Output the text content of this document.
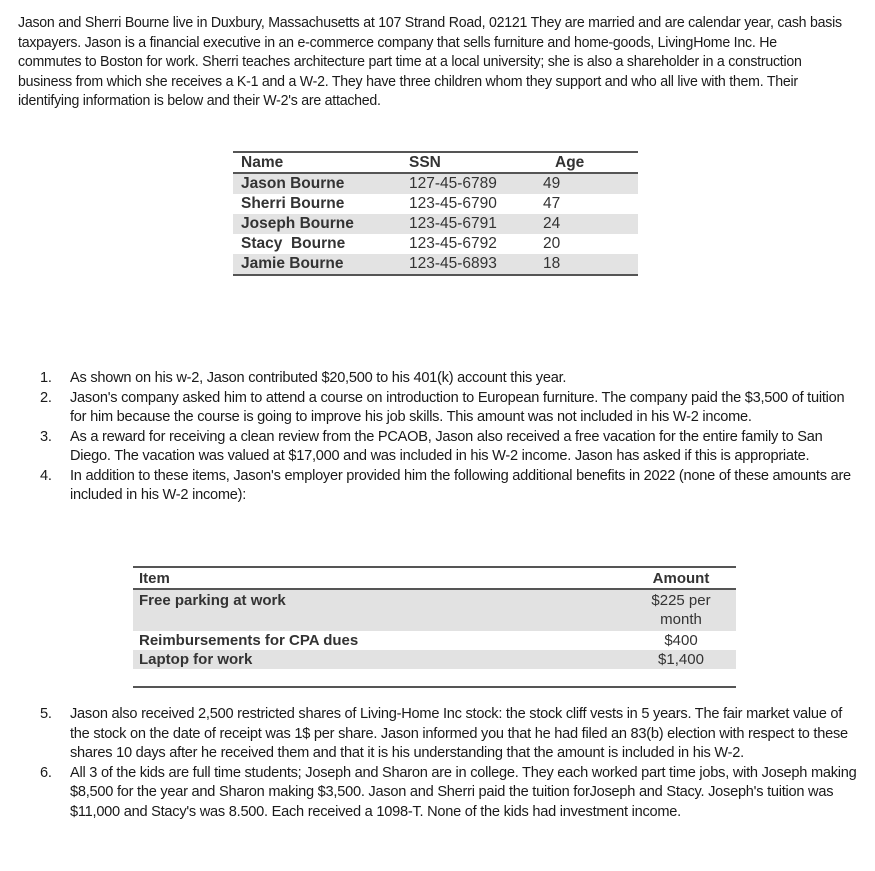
Jason and Sherri Bourne live in Duxbury, Massachusetts at 107 Strand Road, 02121 They are married and are calendar year, cash basis taxpayers. Jason is a financial executive in an e-commerce company that sells furniture and home-goods, LivingHome Inc. He commutes to Boston for work. Sherri teaches architecture part time at a local university; she is also a shareholder in a construction business from which she receives a K-1 and a W-2. They have three children whom they support and who all live with them. Their identifying information is below and their W-2's are attached.

Name	SSN	Age
Jason Bourne	127-45-6789	49
Sherri Bourne	123-45-6790	47
Joseph Bourne	123-45-6791	24
Stacy  Bourne	123-45-6792	20
Jamie Bourne	123-45-6893	18
1. As shown on his w-2, Jason contributed $20,500 to his 401(k) account this year.
2. Jason's company asked him to attend a course on introduction to European furniture. The company paid the $3,500 of tuition for him because the course is going to improve his job skills. This amount was not included in his W-2 income.
3. As a reward for receiving a clean review from the PCAOB, Jason also received a free vacation for the entire family to San Diego. The vacation was valued at $17,000 and was included in his W-2 income. Jason has asked if this is appropriate.
4. In addition to these items, Jason's employer provided him the following additional benefits in 2022 (none of these amounts are included in his W-2 income):
Item	Amount
Free parking at work	$225 per
month
Reimbursements for CPA dues	$400
Laptop for work	$1,400
5. Jason also received 2,500 restricted shares of Living-Home Inc stock: the stock cliff vests in 5 years. The fair market value of the stock on the date of receipt was 1$ per share. Jason informed you that he had filed an 83(b) election with respect to these shares 10 days after he received them and that it is his understanding that the amount is included in his W-2.
6. All 3 of the kids are full time students; Joseph and Sharon are in college. They each worked part time jobs, with Joseph making $8,500 for the year and Sharon making $3,500. Jason and Sherri paid the tuition forJoseph and Stacy. Joseph's tuition was $11,000 and Stacy's was 8.500. Each received a 1098-T. None of the kids had investment income.
